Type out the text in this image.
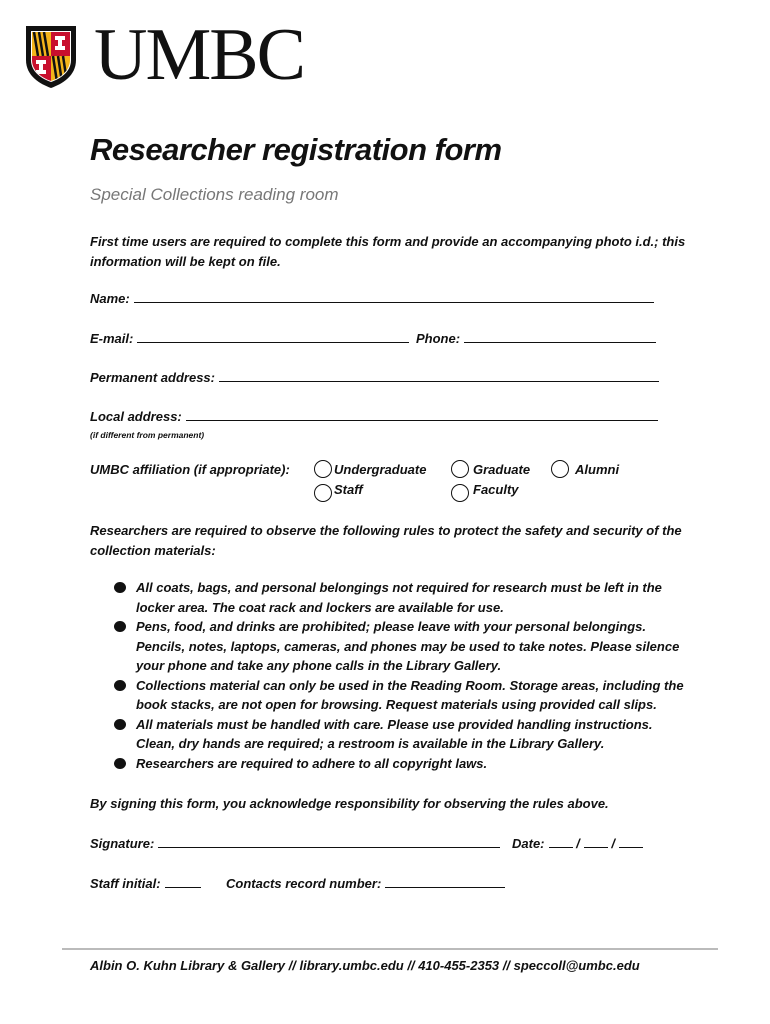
UMBC
Researcher registration form
Special Collections reading room
First time users are required to complete this form and provide an accompanying photo i.d.; this information will be kept on file.
Name:
E-mail:	Phone:
Permanent address:
Local address:
(if different from permanent)
UMBC affiliation (if appropriate):	Undergraduate	Graduate	Alumni
Staff	Faculty
Researchers are required to observe the following rules to protect the safety and security of the collection materials:
All coats, bags, and personal belongings not required for research must be left in the locker area. The coat rack and lockers are available for use.
Pens, food, and drinks are prohibited; please leave with your personal belongings. Pencils, notes, laptops, cameras, and phones may be used to take notes. Please silence your phone and take any phone calls in the Library Gallery.
Collections material can only be used in the Reading Room. Storage areas, including the book stacks, are not open for browsing. Request materials using provided call slips.
All materials must be handled with care. Please use provided handling instructions. Clean, dry hands are required; a restroom is available in the Library Gallery.
Researchers are required to adhere to all copyright laws.
By signing this form, you acknowledge responsibility for observing the rules above.
Signature:	Date: / /
Staff initial:	Contacts record number:
Albin O. Kuhn Library & Gallery // library.umbc.edu // 410-455-2353 // speccoll@umbc.edu
